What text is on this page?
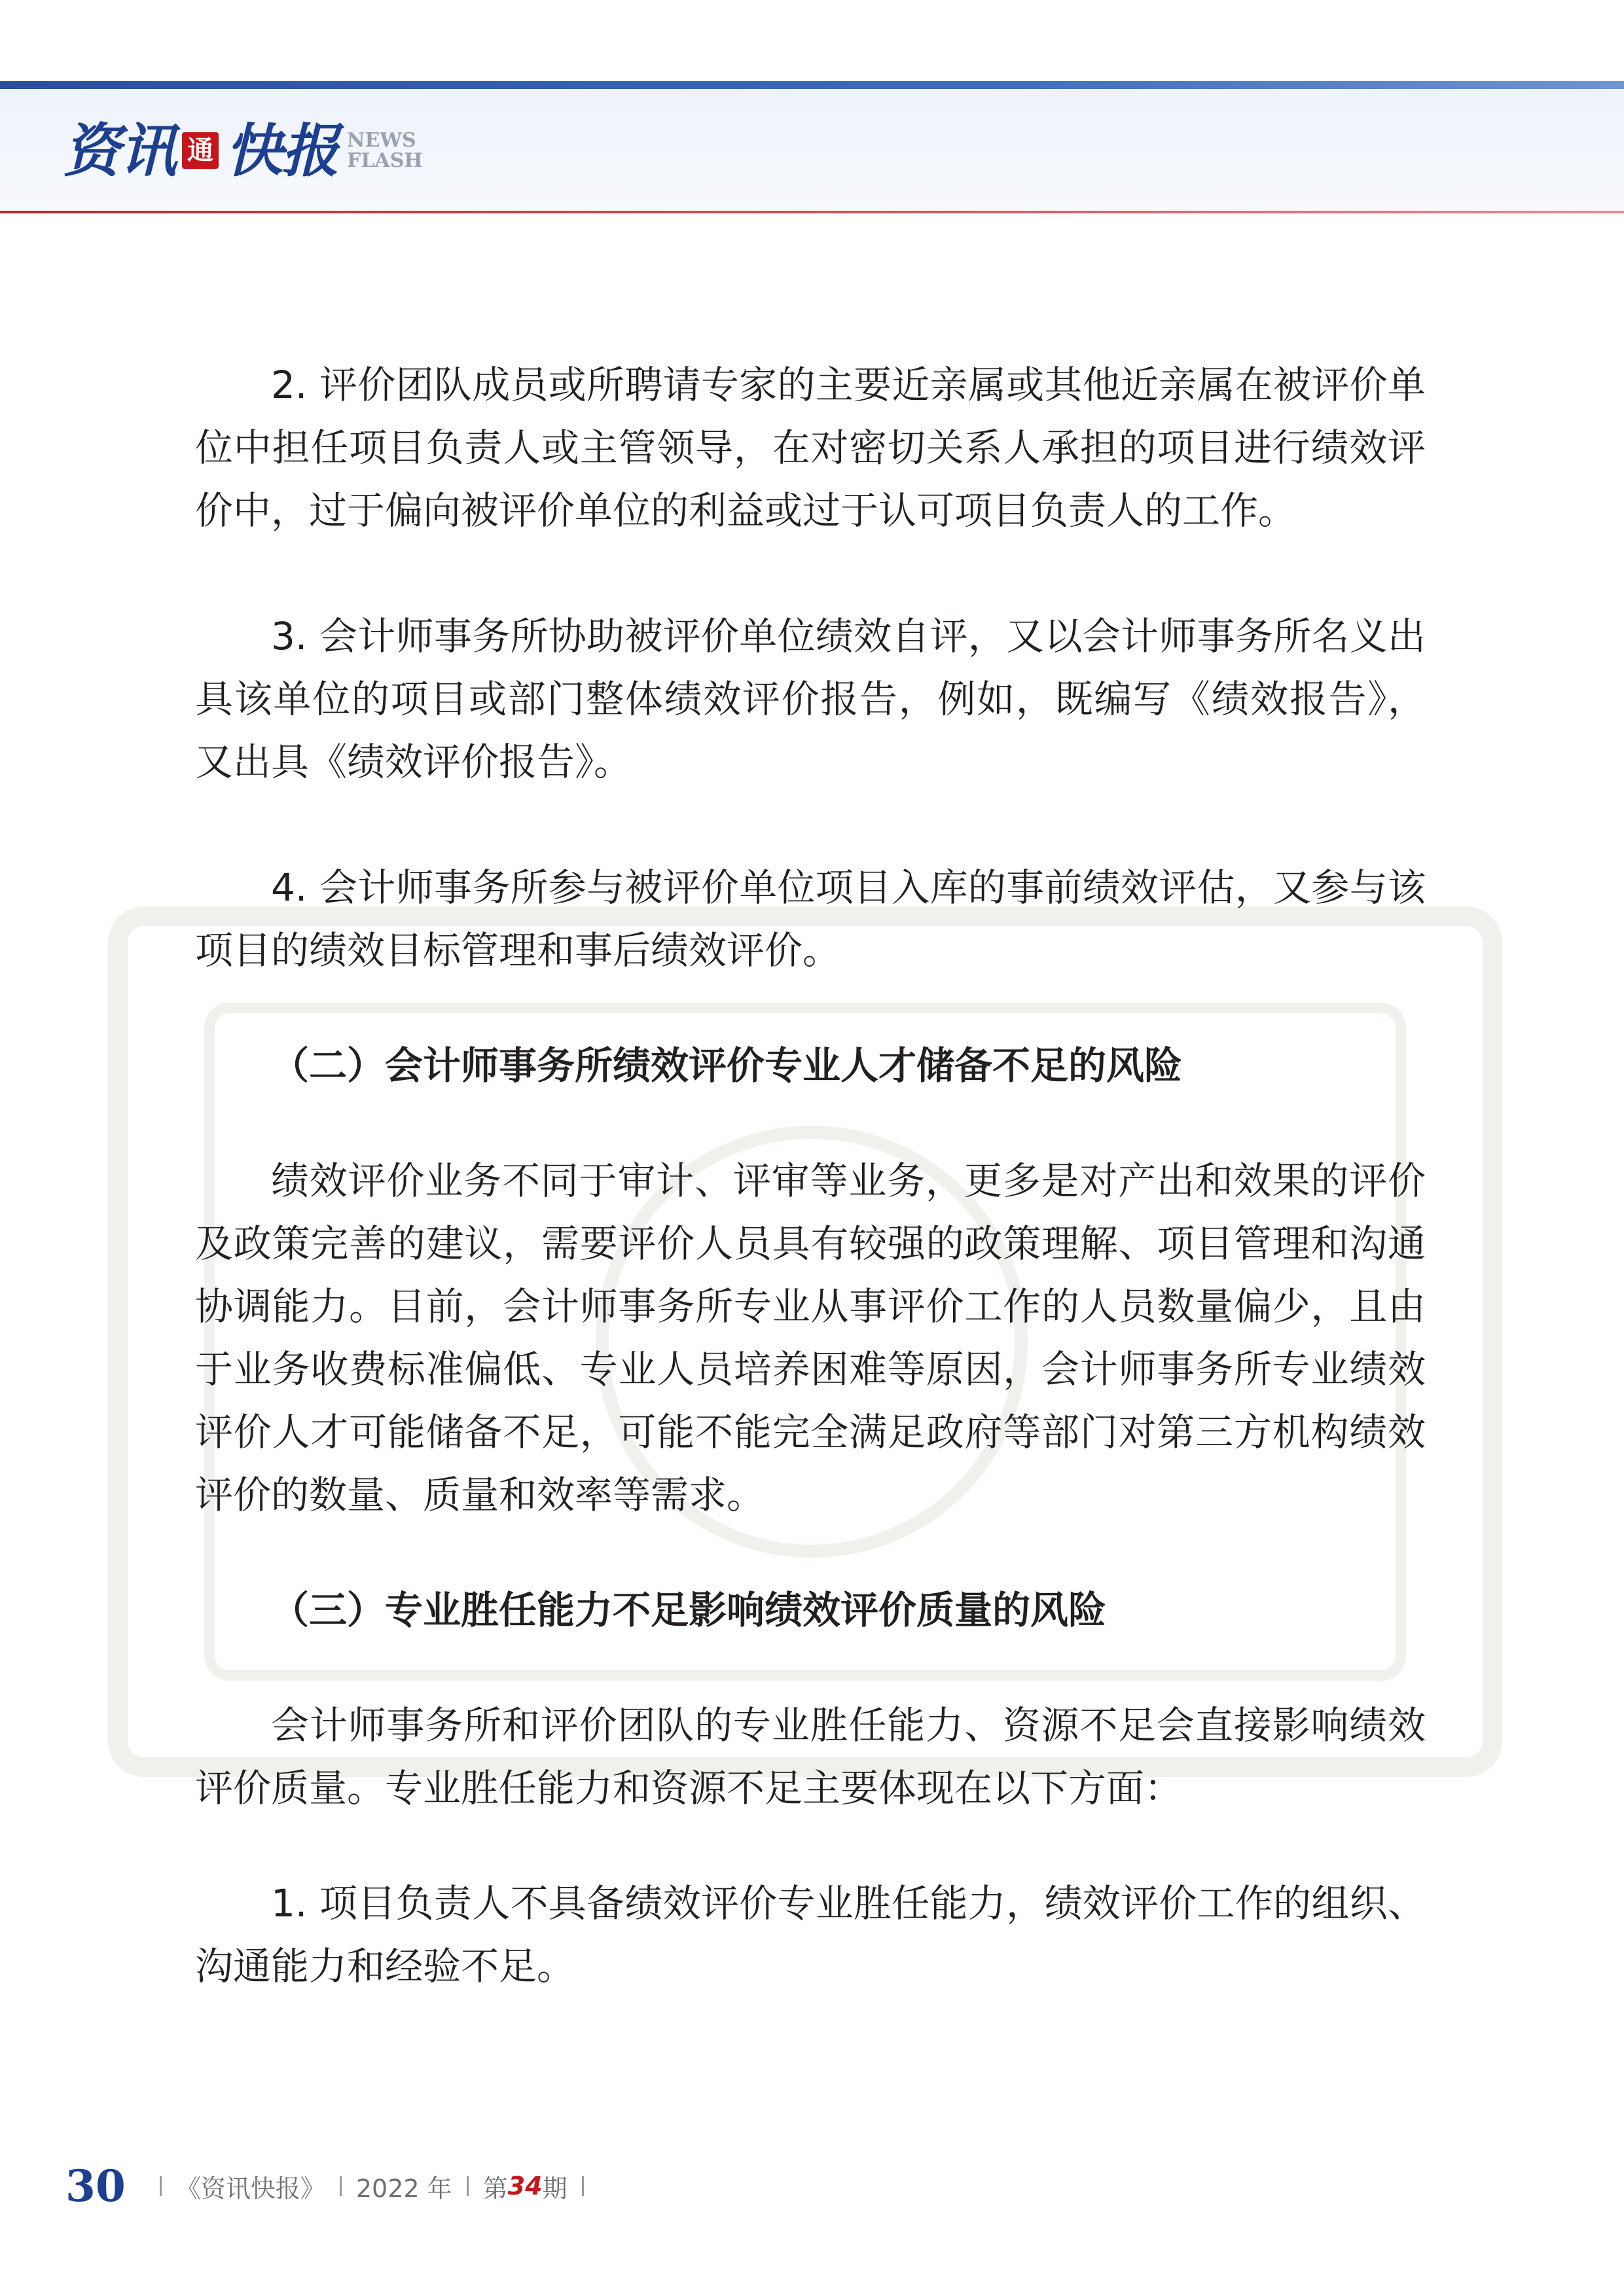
资讯 通 快报 NEWS
FLASH

2. 评价团队成员或所聘请专家的主要近亲属或其他近亲属在被评价单位中担任项目负责人或主管领导，在对密切关系人承担的项目进行绩效评价中，过于偏向被评价单位的利益或过于认可项目负责人的工作。

3. 会计师事务所协助被评价单位绩效自评，又以会计师事务所名义出具该单位的项目或部门整体绩效评价报告，例如，既编写《绩效报告》，又出具《绩效评价报告》。

4. 会计师事务所参与被评价单位项目入库的事前绩效评估，又参与该项目的绩效目标管理和事后绩效评价。

（二）会计师事务所绩效评价专业人才储备不足的风险

绩效评价业务不同于审计、评审等业务，更多是对产出和效果的评价及政策完善的建议，需要评价人员具有较强的政策理解、项目管理和沟通协调能力。目前，会计师事务所专业从事评价工作的人员数量偏少，且由于业务收费标准偏低、专业人员培养困难等原因，会计师事务所专业绩效评价人才可能储备不足，可能不能完全满足政府等部门对第三方机构绩效评价的数量、质量和效率等需求。

（三）专业胜任能力不足影响绩效评价质量的风险

会计师事务所和评价团队的专业胜任能力、资源不足会直接影响绩效评价质量。专业胜任能力和资源不足主要体现在以下方面：

1. 项目负责人不具备绩效评价专业胜任能力，绩效评价工作的组织、沟通能力和经验不足。

30 《资讯快报》 2022 年 第 34 期
